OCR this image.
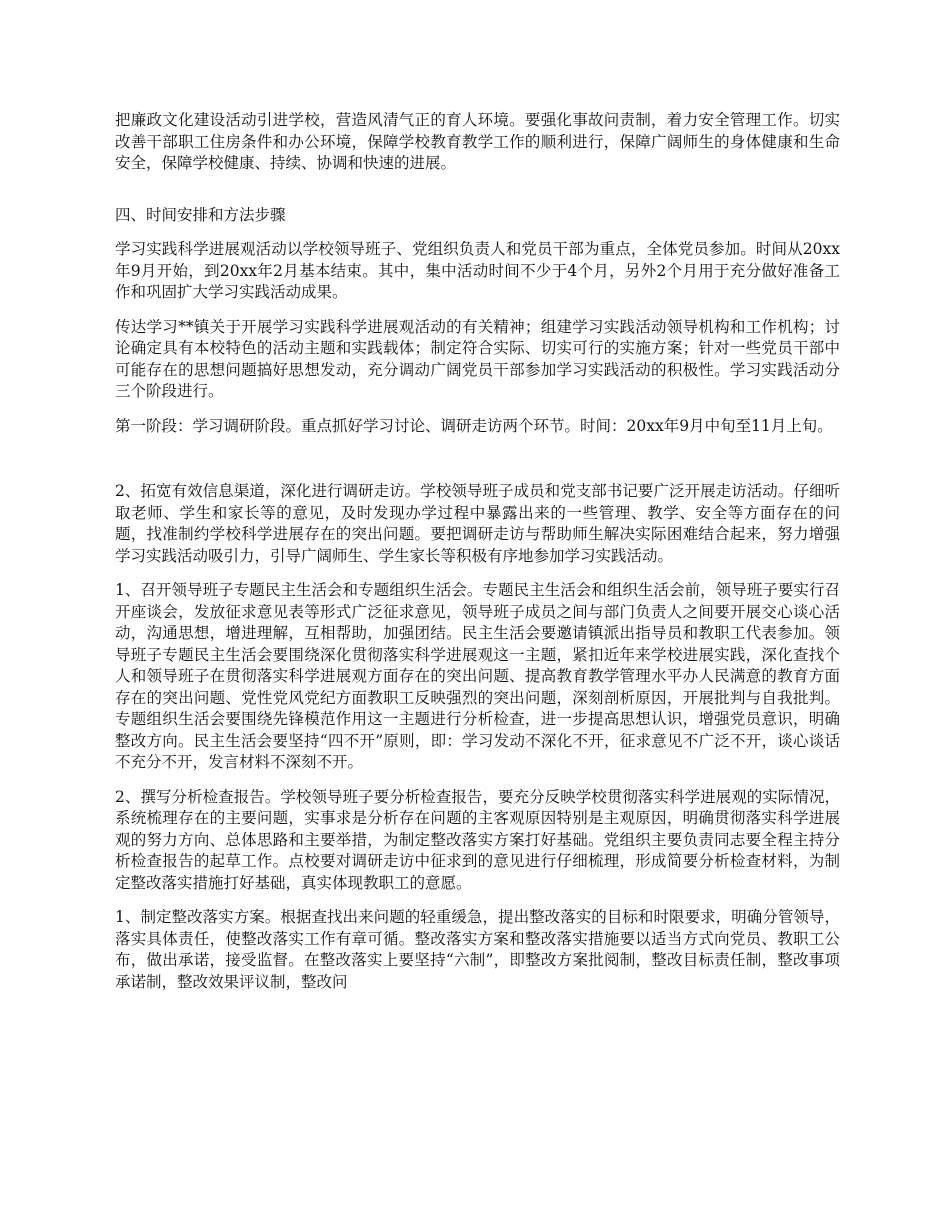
把廉政文化建设活动引进学校，营造风清气正的育人环境。要强化事故问责制，着力安全管理工作。切实改善干部职工住房条件和办公环境，保障学校教育教学工作的顺利进行，保障广阔师生的身体健康和生命安全，保障学校健康、持续、协调和快速的进展。

四、时间安排和方法步骤

学习实践科学进展观活动以学校领导班子、党组织负责人和党员干部为重点，全体党员参加。时间从20xx年9月开始，到20xx年2月基本结束。其中，集中活动时间不少于4个月，另外2个月用于充分做好准备工作和巩固扩大学习实践活动成果。

传达学习**镇关于开展学习实践科学进展观活动的有关精神；组建学习实践活动领导机构和工作机构；讨论确定具有本校特色的活动主题和实践载体；制定符合实际、切实可行的实施方案；针对一些党员干部中可能存在的思想问题搞好思想发动，充分调动广阔党员干部参加学习实践活动的积极性。学习实践活动分三个阶段进行。

第一阶段：学习调研阶段。重点抓好学习讨论、调研走访两个环节。时间：20xx年9月中旬至11月上旬。

2、拓宽有效信息渠道，深化进行调研走访。学校领导班子成员和党支部书记要广泛开展走访活动。仔细听取老师、学生和家长等的意见，及时发现办学过程中暴露出来的一些管理、教学、安全等方面存在的问题，找准制约学校科学进展存在的突出问题。要把调研走访与帮助师生解决实际困难结合起来，努力增强学习实践活动吸引力，引导广阔师生、学生家长等积极有序地参加学习实践活动。

1、召开领导班子专题民主生活会和专题组织生活会。专题民主生活会和组织生活会前，领导班子要实行召开座谈会，发放征求意见表等形式广泛征求意见，领导班子成员之间与部门负责人之间要开展交心谈心活动，沟通思想，增进理解，互相帮助，加强团结。民主生活会要邀请镇派出指导员和教职工代表参加。领导班子专题民主生活会要围绕深化贯彻落实科学进展观这一主题，紧扣近年来学校进展实践，深化查找个人和领导班子在贯彻落实科学进展观方面存在的突出问题、提高教育教学管理水平办人民满意的教育方面存在的突出问题、党性党风党纪方面教职工反映强烈的突出问题，深刻剖析原因，开展批判与自我批判。专题组织生活会要围绕先锋模范作用这一主题进行分析检查，进一步提高思想认识，增强党员意识，明确整改方向。民主生活会要坚持“四不开”原则，即：学习发动不深化不开，征求意见不广泛不开，谈心谈话不充分不开，发言材料不深刻不开。

2、撰写分析检查报告。学校领导班子要分析检查报告，要充分反映学校贯彻落实科学进展观的实际情况，系统梳理存在的主要问题，实事求是分析存在问题的主客观原因特别是主观原因，明确贯彻落实科学进展观的努力方向、总体思路和主要举措，为制定整改落实方案打好基础。党组织主要负责同志要全程主持分析检查报告的起草工作。点校要对调研走访中征求到的意见进行仔细梳理，形成简要分析检查材料，为制定整改落实措施打好基础，真实体现教职工的意愿。

1、制定整改落实方案。根据查找出来问题的轻重缓急，提出整改落实的目标和时限要求，明确分管领导，落实具体责任，使整改落实工作有章可循。整改落实方案和整改落实措施要以适当方式向党员、教职工公布，做出承诺，接受监督。在整改落实上要坚持“六制”，即整改方案批阅制，整改目标责任制，整改事项承诺制，整改效果评议制，整改问
